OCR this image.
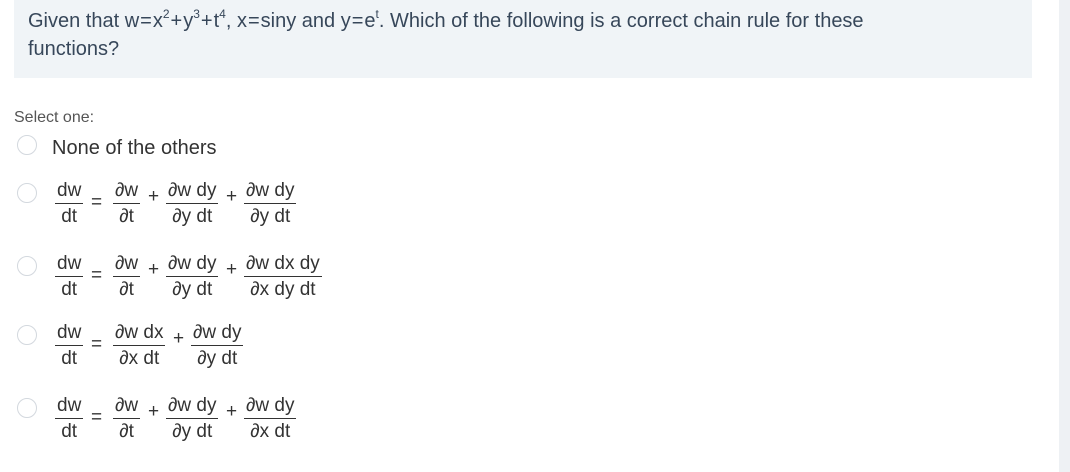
Given that $w=x^2+y^3+t^4$, x=siny and $y=e^t$. Which of the following is a correct chain rule for these
functions?
Select one:
None of the others
$\frac{dw}{dt} = \frac{\partial w}{\partial t} + \frac{\text{∂w dy}}{\text{∂y dt}} + \frac{\text{∂w dy}}{\text{∂y dt}}$
$\frac{dw}{dt} = \frac{\partial w}{\partial t} + \frac{\text{∂w dy}}{\text{∂y dt}} + \frac{\text{∂w dx dy}}{\text{∂x dy dt}}$
$\frac{dw}{dt} = \frac{\text{∂w dx}}{\text{∂x dt}} + \frac{\text{∂w dy}}{\text{∂y dt}}$
$\frac{dw}{dt} = \frac{\partial w}{\partial t} + \frac{\text{∂w dy}}{\text{∂y dt}} + \frac{\text{∂w dy}}{\text{∂x dt}}$
